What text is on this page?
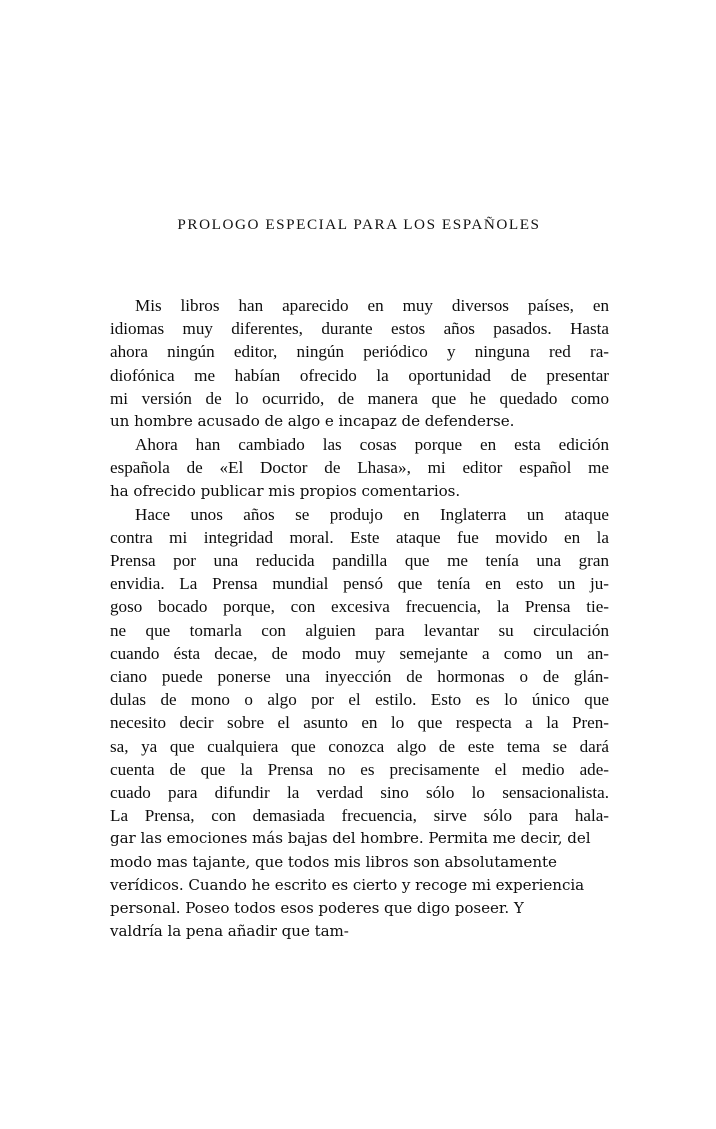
PROLOGO ESPECIAL PARA LOS ESPAÑOLES
Mis libros han aparecido en muy diversos países, en
idiomas muy diferentes, durante estos años pasados. Hasta
ahora ningún editor, ningún periódico y ninguna red ra-
diofónica me habían ofrecido la oportunidad de presentar
mi versión de lo ocurrido, de manera que he quedado como
un hombre acusado de algo e incapaz de defenderse.
Ahora han cambiado las cosas porque en esta edición
española de «El Doctor de Lhasa», mi editor español me
ha ofrecido publicar mis propios comentarios.
Hace unos años se produjo en Inglaterra un ataque
contra mi integridad moral. Este ataque fue movido en la
Prensa por una reducida pandilla que me tenía una gran
envidia. La Prensa mundial pensó que tenía en esto un ju-
goso bocado porque, con excesiva frecuencia, la Prensa tie-
ne que tomarla con alguien para levantar su circulación
cuando ésta decae, de modo muy semejante a como un an-
ciano puede ponerse una inyección de hormonas o de glán-
dulas de mono o algo por el estilo. Esto es lo único que
necesito decir sobre el asunto en lo que respecta a la Pren-
sa, ya que cualquiera que conozca algo de este tema se dará
cuenta de que la Prensa no es precisamente el medio ade-
cuado para difundir la verdad sino sólo lo sensacionalista.
La Prensa, con demasiada frecuencia, sirve sólo para hala-
gar las emociones más bajas del hombre. Permita me decir, del
modo mas tajante, que todos mis libros son absolutamente
verídicos. Cuando he escrito es cierto y recoge mi experiencia
personal. Poseo todos esos poderes que digo poseer. Y
valdría la pena añadir que tam-
